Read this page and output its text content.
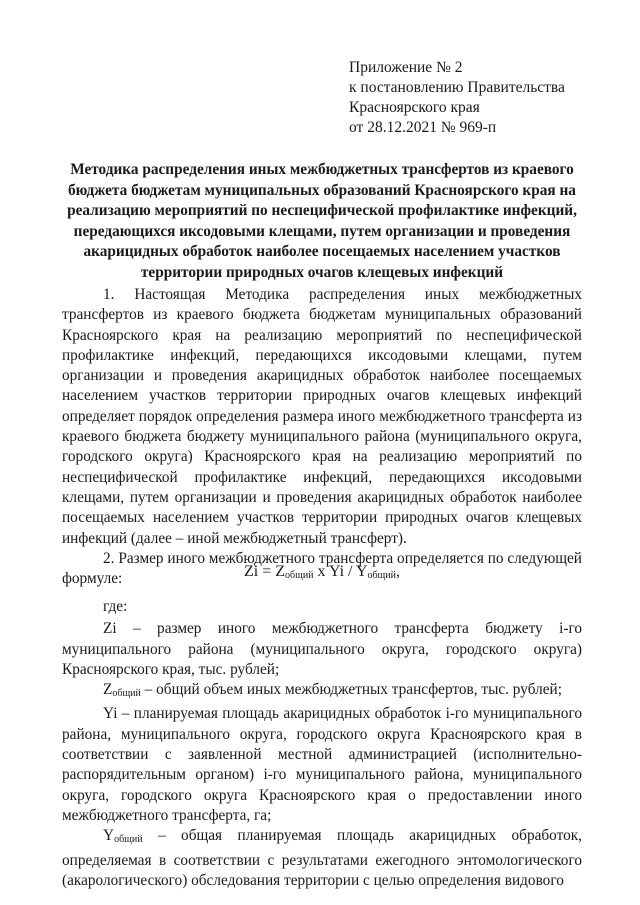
Приложение № 2
к постановлению Правительства
Красноярского края
от 28.12.2021 № 969-п
Методика распределения иных межбюджетных трансфертов из краевого бюджета бюджетам муниципальных образований Красноярского края на реализацию мероприятий по неспецифической профилактике инфекций, передающихся иксодовыми клещами, путем организации и проведения акарицидных обработок наиболее посещаемых населением участков территории природных очагов клещевых инфекций

1. Настоящая Методика распределения иных межбюджетных трансфертов из краевого бюджета бюджетам муниципальных образований Красноярского края на реализацию мероприятий по неспецифической профилактике инфекций, передающихся иксодовыми клещами, путем организации и проведения акарицидных обработок наиболее посещаемых населением участков территории природных очагов клещевых инфекций определяет порядок определения размера иного межбюджетного трансферта из краевого бюджета бюджету муниципального района (муниципального округа, городского округа) Красноярского края на реализацию мероприятий по неспецифической профилактике инфекций, передающихся иксодовыми клещами, путем организации и проведения акарицидных обработок наиболее посещаемых населением участков территории природных очагов клещевых инфекций (далее – иной межбюджетный трансферт).

2. Размер иного межбюджетного трансферта определяется по следующей формуле:	$Zi = Z_{общий}$ x Yi / $Y_{общий}$,

где:

Zi – размер иного межбюджетного трансферта бюджету i-го муниципального района (муниципального округа, городского округа) Красноярского края, тыс. рублей;

$Z_{общий}$ – общий объем иных межбюджетных трансфертов, тыс. рублей;

Yi – планируемая площадь акарицидных обработок i-го муниципального района, муниципального округа, городского округа Красноярского края в соответствии с заявленной местной администрацией (исполнительно-распорядительным органом) i-го муниципального района, муниципального округа, городского округа Красноярского края о предоставлении иного межбюджетного трансферта, га;

$Y_{общий}$ – общая планируемая площадь акарицидных обработок, определяемая в соответствии с результатами ежегодного энтомологического (акарологического) обследования территории с целью определения видового
